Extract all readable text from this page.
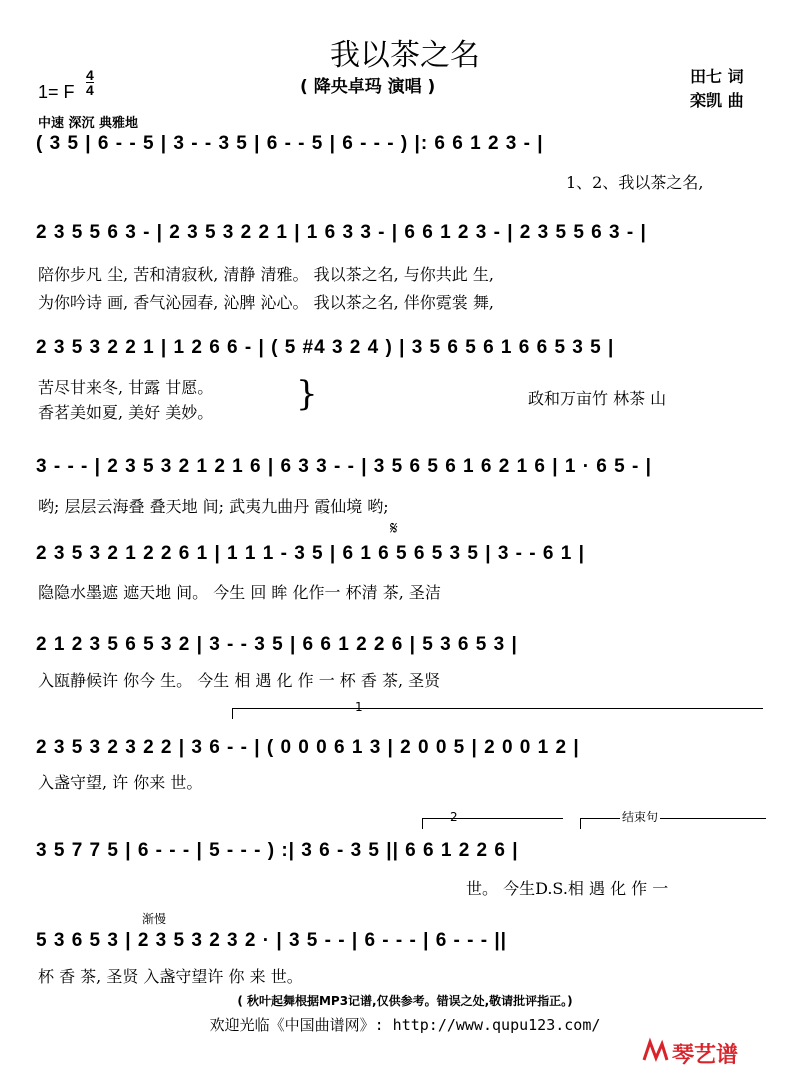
我以茶之名
( 降央卓玛 演唱 )
1= F
4
4
中速 深沉 典雅地
田七 词
栾凯 曲
( 3 5 | 6 - - 5 | 3 - - 3 5 | 6 - - 5 | 6 - - - ) |: 6 6 1 2 3 - |
1、2、我以茶之名,
2 3 5 5 6 3 - | 2 3 5 3 2 2 1 | 1 6 3 3 - | 6 6 1 2 3 - | 2 3 5 5 6 3 - |
陪你步凡 尘, 苦和清寂秋, 清静 清雅。 我以茶之名, 与你共此 生,
为你吟诗 画, 香气沁园春, 沁脾 沁心。 我以茶之名, 伴你霓裳 舞,
2 3 5 3 2 2 1 | 1 2 6 6 - | ( 5 #4 3 2 4 ) | 3 5 6 5 6 1 6 6 5 3 5 |
苦尽甘来冬, 甘露 甘愿。
香茗美如夏, 美好 美妙。 }	政和万亩竹 林茶 山
3 - - - | 2 3 5 3 2 1 2 1 6 | 6 3 3 - - | 3 5 6 5 6 1 6 2 1 6 | 1 · 6 5 - |
哟; 层层云海叠 叠天地 间; 武夷九曲丹 霞仙境 哟;
𝄋
2 3 5 3 2 1 2 2 6 1 | 1 1 1 - 3 5 | 6 1 6 5 6 5 3 5 | 3 - - 6 1 |
隐隐水墨遮 遮天地 间。 今生 回 眸 化作一 杯清 茶, 圣洁
2 1 2 3 5 6 5 3 2 | 3 - - 3 5 | 6 6 1 2 2 6 | 5 3 6 5 3 |
入瓯静候许 你今 生。 今生 相 遇 化 作 一 杯 香 茶, 圣贤
1
2 3 5 3 2 3 2 2 | 3 6 - - | ( 0 0 0 6 1 3 | 2 0 0 5 | 2 0 0 1 2 |
入盏守望, 许 你来 世。
2	结束句
3 5 7 7 5 | 6 - - - | 5 - - - ) :| 3 6 - 3 5 || 6 6 1 2 2 6 |
世。 今生D.S.相 遇 化 作 一
渐慢
5 3 6 5 3 | 2 3 5 3 2 3 2 · | 3 5 - - | 6 - - - | 6 - - - ||
杯 香 茶, 圣贤 入盏守望许 你 来 世。
( 秋叶起舞根据MP3记谱,仅供参考。错误之处,敬请批评指正。)
欢迎光临《中国曲谱网》: http://www.qupu123.com/
琴艺谱
